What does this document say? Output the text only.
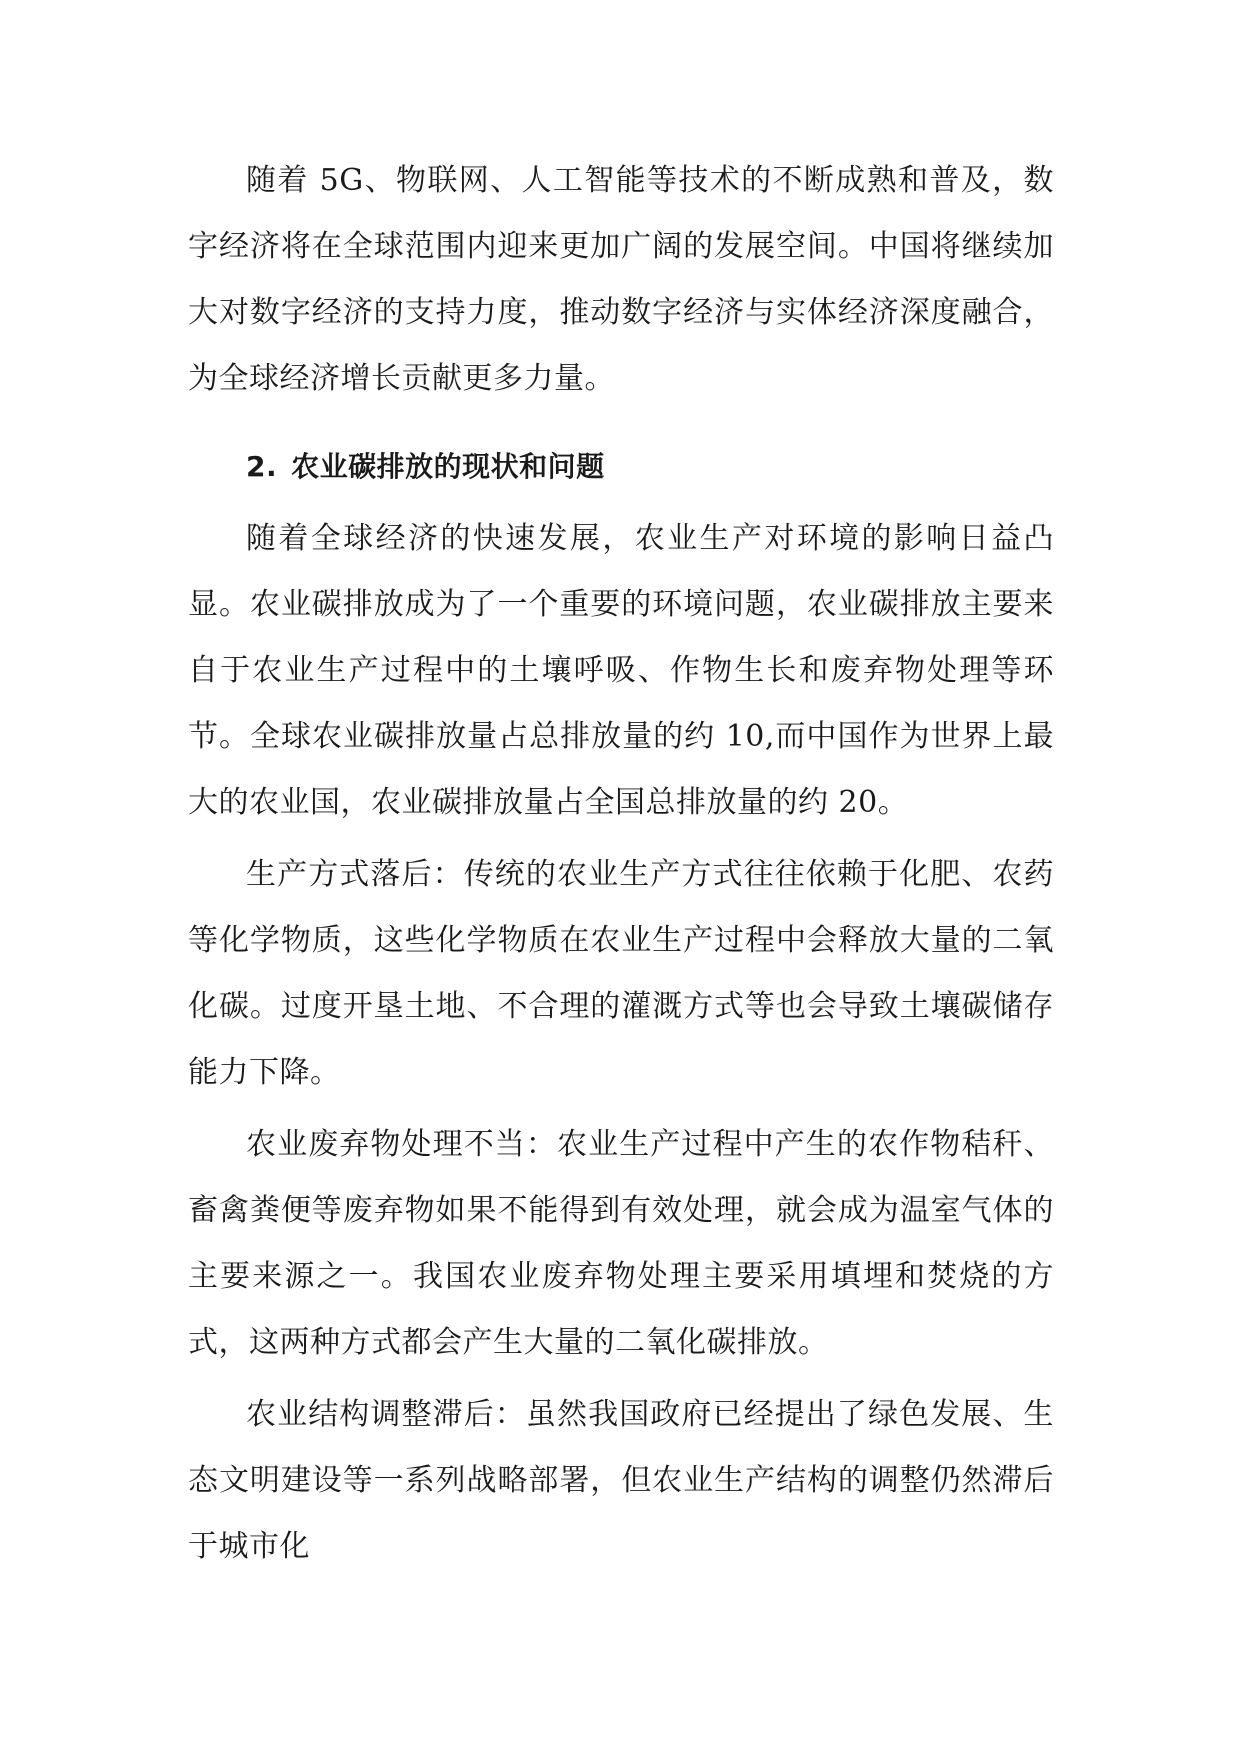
随着 5G、物联网、人工智能等技术的不断成熟和普及，数字经济将在全球范围内迎来更加广阔的发展空间。中国将继续加大对数字经济的支持力度，推动数字经济与实体经济深度融合，为全球经济增长贡献更多力量。

2. 农业碳排放的现状和问题

随着全球经济的快速发展，农业生产对环境的影响日益凸显。农业碳排放成为了一个重要的环境问题，农业碳排放主要来自于农业生产过程中的土壤呼吸、作物生长和废弃物处理等环节。全球农业碳排放量占总排放量的约 10,而中国作为世界上最大的农业国，农业碳排放量占全国总排放量的约 20。

生产方式落后：传统的农业生产方式往往依赖于化肥、农药等化学物质，这些化学物质在农业生产过程中会释放大量的二氧化碳。过度开垦土地、不合理的灌溉方式等也会导致土壤碳储存能力下降。

农业废弃物处理不当：农业生产过程中产生的农作物秸秆、畜禽粪便等废弃物如果不能得到有效处理，就会成为温室气体的主要来源之一。我国农业废弃物处理主要采用填埋和焚烧的方式，这两种方式都会产生大量的二氧化碳排放。

农业结构调整滞后：虽然我国政府已经提出了绿色发展、生态文明建设等一系列战略部署，但农业生产结构的调整仍然滞后于城市化
